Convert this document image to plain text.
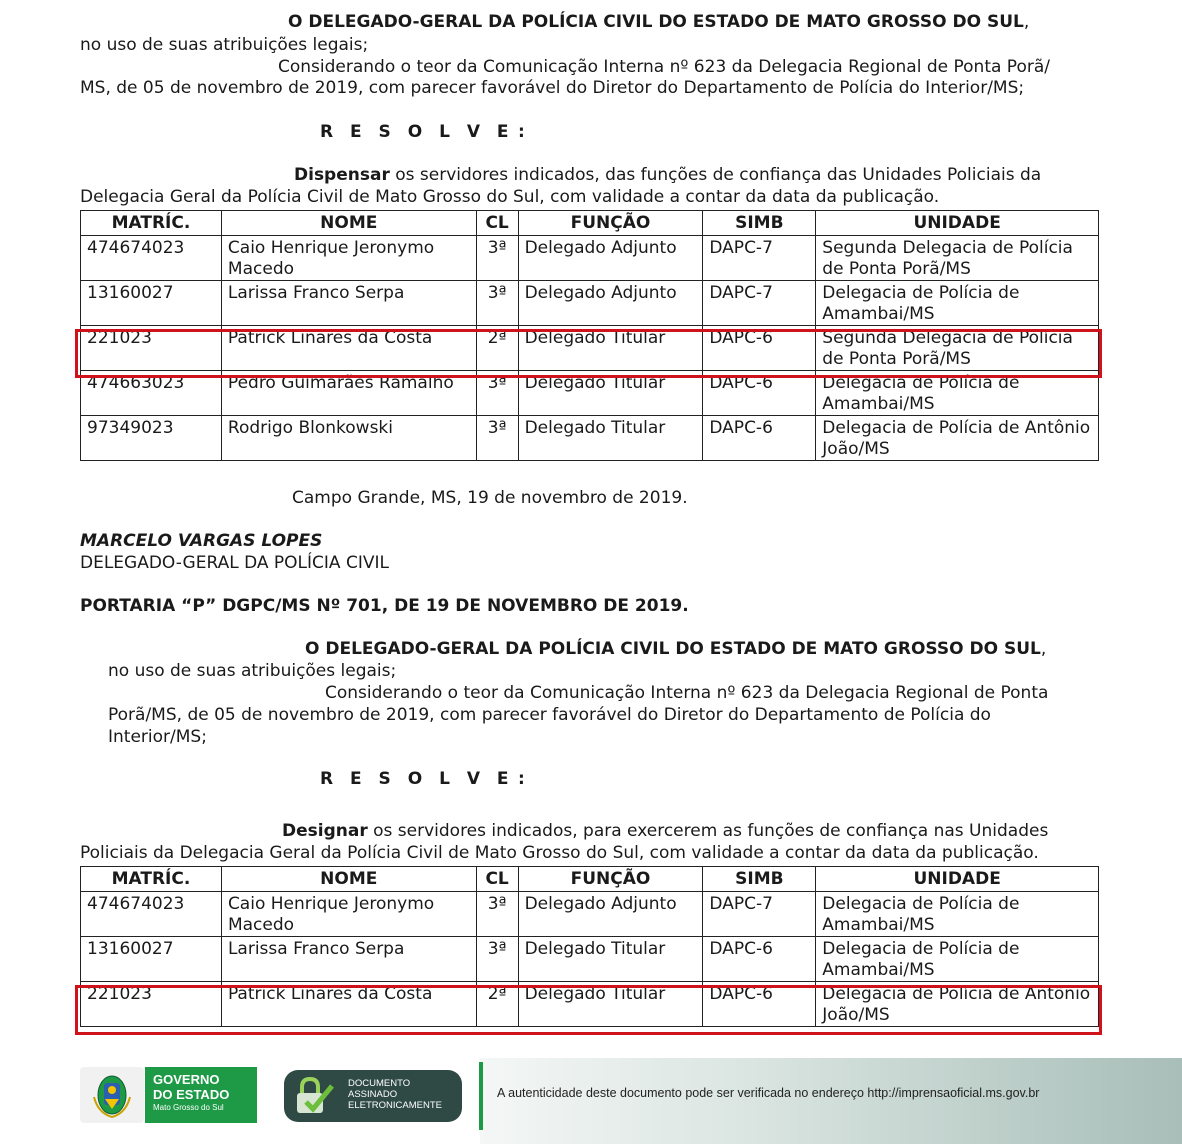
O DELEGADO-GERAL DA POLÍCIA CIVIL DO ESTADO DE MATO GROSSO DO SUL,
no uso de suas atribuições legais;
Considerando o teor da Comunicação Interna nº 623 da Delegacia Regional de Ponta Porã/
MS, de 05 de novembro de 2019, com parecer favorável do Diretor do Departamento de Polícia do Interior/MS;
R E S O L V E :
Dispensar os servidores indicados, das funções de confiança das Unidades Policiais da
Delegacia Geral da Polícia Civil de Mato Grosso do Sul, com validade a contar da data da publicação.
MATRÍC.	NOME	CL	FUNÇÃO	SIMB	UNIDADE
474674023	Caio Henrique Jeronymo Macedo	3ª	Delegado Adjunto	DAPC-7	Segunda Delegacia de Polícia de Ponta Porã/MS
13160027	Larissa Franco Serpa	3ª	Delegado Adjunto	DAPC-7	Delegacia de Polícia de Amambai/MS
221023	Patrick Linares da Costa	2ª	Delegado Titular	DAPC-6	Segunda Delegacia de Polícia de Ponta Porã/MS
474663023	Pedro Guimarães Ramalho	3ª	Delegado Titular	DAPC-6	Delegacia de Polícia de Amambai/MS
97349023	Rodrigo Blonkowski	3ª	Delegado Titular	DAPC-6	Delegacia de Polícia de Antônio João/MS
Campo Grande, MS, 19 de novembro de 2019.
MARCELO VARGAS LOPES
DELEGADO-GERAL DA POLÍCIA CIVIL
PORTARIA “P” DGPC/MS Nº 701, DE 19 DE NOVEMBRO DE 2019.
O DELEGADO-GERAL DA POLÍCIA CIVIL DO ESTADO DE MATO GROSSO DO SUL,
no uso de suas atribuições legais;
Considerando o teor da Comunicação Interna nº 623 da Delegacia Regional de Ponta
Porã/MS, de 05 de novembro de 2019, com parecer favorável do Diretor do Departamento de Polícia do
Interior/MS;
R E S O L V E :
Designar os servidores indicados, para exercerem as funções de confiança nas Unidades
Policiais da Delegacia Geral da Polícia Civil de Mato Grosso do Sul, com validade a contar da data da publicação.
MATRÍC.	NOME	CL	FUNÇÃO	SIMB	UNIDADE
474674023	Caio Henrique Jeronymo Macedo	3ª	Delegado Adjunto	DAPC-7	Delegacia de Polícia de Amambai/MS
13160027	Larissa Franco Serpa	3ª	Delegado Titular	DAPC-6	Delegacia de Polícia de Amambai/MS
221023	Patrick Linares da Costa	2ª	Delegado Titular	DAPC-6	Delegacia de Polícia de Antônio João/MS
GOVERNO
DO ESTADO
Mato Grosso do Sul
DOCUMENTO
ASSINADO
ELETRONICAMENTE
A autenticidade deste documento pode ser verificada no endereço http://imprensaoficial.ms.gov.br
